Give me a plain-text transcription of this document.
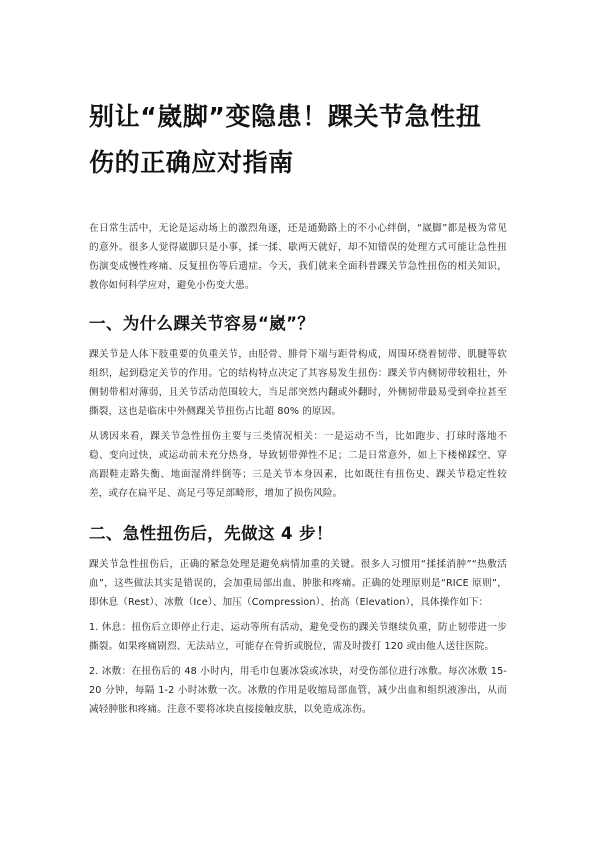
别让“崴脚”变隐患！踝关节急性扭伤的正确应对指南

在日常生活中，无论是运动场上的激烈角逐，还是通勤路上的不小心绊倒，“崴脚”都是极为常见的意外。很多人觉得崴脚只是小事，揉一揉、歇两天就好，却不知错误的处理方式可能让急性扭伤演变成慢性疼痛、反复扭伤等后遗症。今天，我们就来全面科普踝关节急性扭伤的相关知识，教你如何科学应对，避免小伤变大患。

一、为什么踝关节容易“崴”？

踝关节是人体下肢重要的负重关节，由胫骨、腓骨下端与距骨构成，周围环绕着韧带、肌腱等软组织，起到稳定关节的作用。它的结构特点决定了其容易发生扭伤：踝关节内侧韧带较粗壮，外侧韧带相对薄弱，且关节活动范围较大，当足部突然内翻或外翻时，外侧韧带最易受到牵拉甚至撕裂，这也是临床中外侧踝关节扭伤占比超 80% 的原因。

从诱因来看，踝关节急性扭伤主要与三类情况相关：一是运动不当，比如跑步、打球时落地不稳、变向过快，或运动前未充分热身，导致韧带弹性不足；二是日常意外，如上下楼梯踩空、穿高跟鞋走路失衡、地面湿滑绊倒等；三是关节本身因素，比如既往有扭伤史、踝关节稳定性较差，或存在扁平足、高足弓等足部畸形，增加了损伤风险。

二、急性扭伤后，先做这 4 步！

踝关节急性扭伤后，正确的紧急处理是避免病情加重的关键。很多人习惯用“揉揉消肿”“热敷活血”，这些做法其实是错误的，会加重局部出血、肿胀和疼痛。正确的处理原则是“RICE 原则”，即休息（Rest）、冰敷（Ice）、加压（Compression）、抬高（Elevation），具体操作如下：

1. 休息：扭伤后立即停止行走、运动等所有活动，避免受伤的踝关节继续负重，防止韧带进一步撕裂。如果疼痛剧烈、无法站立，可能存在骨折或脱位，需及时拨打 120 或由他人送往医院。

2. 冰敷：在扭伤后的 48 小时内，用毛巾包裹冰袋或冰块，对受伤部位进行冰敷。每次冰敷 15-20 分钟，每隔 1-2 小时冰敷一次。冰敷的作用是收缩局部血管，减少出血和组织液渗出，从而减轻肿胀和疼痛。注意不要将冰块直接接触皮肤，以免造成冻伤。
